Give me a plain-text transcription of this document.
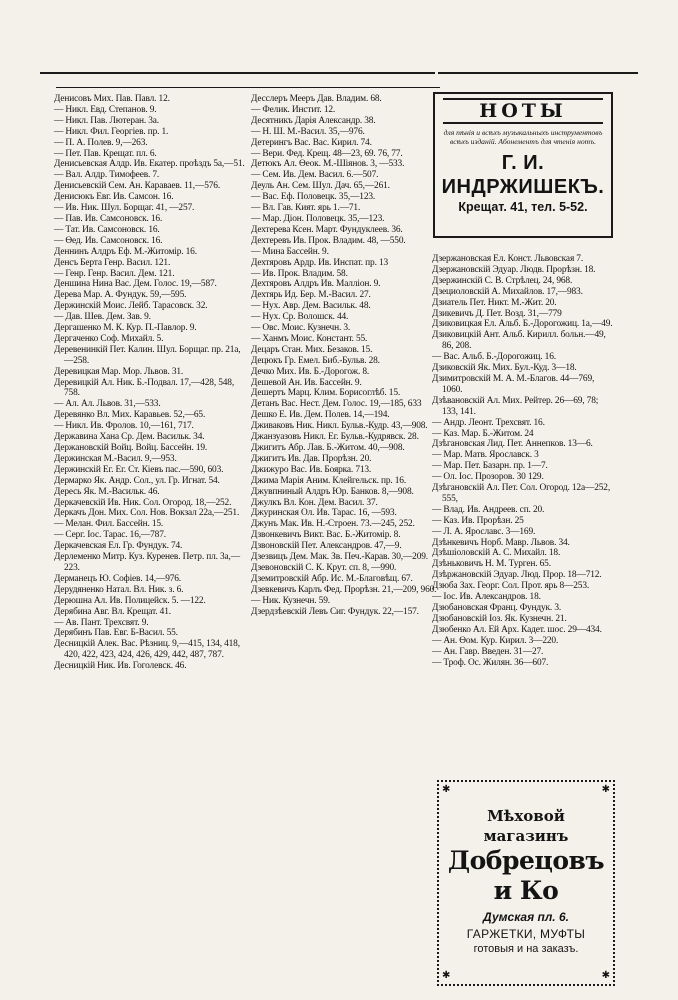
Денисовъ Мих. Пав. Павл. 12.
— Никл. Евд. Степанов. 9.
— Никл. Пав. Лютеран. 3а.
— Никл. Фил. Георгіев. пр. 1.
— П. А. Полев. 9,—263.
— Пет. Пав. Крещат. пл. 6.
Денисьевская Алдр. Ив. Екатер. проѣздъ 5а,—51.
— Вал. Алдр. Тимофеев. 7.
Денисьевскій Сем. Ан. Караваев. 11,—576.
Денисюкъ Евг. Ив. Самсон. 16.
— Ив. Ник. Шул. Борщаг. 41, —257.
— Пав. Ив. Самсоновск. 16.
— Тат. Ив. Самсоновск. 16.
— Ѳед. Ив. Самсоновск. 16.
Деннинъ Алдръ Еф. М.-Житомір. 16.
Денсъ Берта Генр. Васил. 121.
— Генр. Генр. Васил. Дем. 121.
Деншина Нина Вас. Дем. Голос. 19,—587.
Дерева Мар. А. Фундук. 59,—595.
Держинскій Моис. Лейб. Тарасовск. 32.
— Дав. Шев. Дем. Зав. 9.
Дергашенко М. К. Кур. П.-Павлор. 9.
Дергаченко Соф. Михайл. 5.
Деревенинкій Пет. Калин. Шул. Борщаг. пр. 21а,—258.
Деревицкая Мар. Мор. Львов. 31.
Деревицкій Ал. Ник. Б.-Подвал. 17,—428, 548, 758.
— Ал. Ал. Львов. 31,—533.
Деревянко Вл. Мих. Каравьев. 52,—65.
— Никл. Ив. Фролов. 10,—161, 717.
Державина Хана Ср. Дем. Васильк. 34.
Держановскій Войц. Войц. Бассейн. 19.
Держинская М.-Васил. 9,—953.
Держинскій Ег. Ег. Ст. Кіевъ пас.—590, 603.
Дермарко Як. Андр. Сол., ул. Гр. Игнат. 54.
Дересь Як. М.-Васильк. 46.
Деркачевскій Ив. Ник. Сол. Огород. 18,—252.
Деркачъ Дон. Мих. Сол. Нов. Вокзал 22а,—251.
— Мелан. Фил. Бассейн. 15.
— Серг. Іос. Тарас. 16,—787.
Деркачевская Ел. Гр. Фундук. 74.
Дерлеменко Митр. Куз. Куренев. Петр. пл. 3а,—223.
Дерманецъ Ю. Софіев. 14,—976.
Дерудяненко Натал. Вл. Ник. з. 6.
Дерюшна Ал. Ив. Полицейск. 5. —122.
Дерябина Авг. Вл. Крещат. 41.
— Ав. Пант. Трехсвят. 9.
Дерябинъ Пав. Евг. Б-Васил. 55.
Десницкій Алек. Вас. Рѣзниц. 9,—415, 134, 418, 420, 422, 423, 424, 426, 429, 442, 487, 787.
Десницкій Ник. Ив. Гоголевск. 46.
Десслеръ Мееръ Дав. Владим. 68.
— Фелик. Инстит. 12.
Десятникъ Дарія Александр. 38.
— Н. Ш. М.-Васил. 35,—976.
Детерингъ Вас. Вас. Кирил. 74.
— Вери. Фед. Крещ. 48—23, 69. 76, 77.
Детюкъ Ал. Ѳеок. М.-Шіянов. 3, —533.
— Сем. Ив. Дем. Васил. 6.—507.
Деуль Ан. Сем. Шул. Дач. 65,—261.
— Вас. Еф. Половецк. 35,—123.
— Вл. Гав. Кият. ярь 1.—71.
— Мар. Діон. Половецк. 35,—123.
Дехтерева Ксен. Март. Фундуклеев. 36.
Дехтеревъ Ив. Прок. Владим. 48, —550.
— Мина Бассейн. 9.
Дехтяровъ Ардр. Ив. Инспат. пр. 13
— Ив. Прок. Владим. 58.
Дехтяровъ Алдръ Ив. Малліон. 9.
Дехтярь Ид. Бер. М.-Васил. 27.
— Нух. Авр. Дем. Васильк. 48.
— Нух. Ср. Волошск. 44.
— Овс. Моис. Кузнечн. 3.
— Ханмъ Моис. Констант. 55.
Децаръ Стан. Мих. Безаков. 15.
Децюкъ Гр. Емел. Биб.-Бульв. 28.
Дечко Мих. Ив. Б.-Дорогож. 8.
Дешевой Ан. Ив. Бассейн. 9.
Дешертъ Марц. Клим. Борисоглѣб. 15.
Детанъ Вас. Нест. Дем. Голос. 19,—185, 633
Дешко Е. Ив. Дем. Полев. 14,—194.
Дживаковъ Ник. Никл. Бульв.-Кудр. 43,—908.
Джанзуазовъ Никл. Ег. Бульв.-Кудрявск. 28.
Джигитъ Абр. Лав. Б.-Житом. 40,—908.
Джигитъ Ив. Дав. Прорѣзн. 20.
Джижуро Вас. Ив. Боярка. 713.
Джима Марія Аним. Клейгельск. пр. 16.
Джувпниный Алдръ Юр. Банков. 8,—908.
Джулкъ Вл. Кон. Дем. Васил. 37.
Джуринская Ол. Ив. Тарас. 16, —593.
Джунъ Мак. Ив. Н.-Строен. 73.—245, 252.
Дзвонкевичъ Викт. Вас. Б.-Житомір. 8.
Дзвоновскій Пет. Александров. 47,—9.
Дзезвицъ Дем. Мак. Зв. Печ.-Карав. 30,—209.
Дзевоновскій С. К. Крут. сп. 8, —990.
Дземитровскій Абр. Ис. М.-Благовѣщ. 67.
Дзевкевичъ Карлъ Фед. Прорѣзн. 21,—209, 960.
— Ник. Кузнечн. 59.
Дзердзѣевскій Левъ Сиг. Фундук. 22,—157.
НОТЫ
для пѣнія и всѣхъ музыкальныхъ инструментовъ всѣхъ изданій. Абонементъ для чтенія нотъ.
Г. И. ИНДРЖИШЕКЪ.
Крещат. 41, тел. 5-52.
Дзержановская Ел. Конст. Львовская 7.
Дзержановскій Эдуар. Людв. Прорѣзн. 18.
Дзержинскій С. В. Стрѣлец. 24, 968.
Дзециоловскій А. Михайлов. 17,—983.
Дзиатель Пет. Никт. М.-Жит. 20.
Дзикевичъ Д. Пет. Возд. 31,—779
Дзиковицкая Ел. Альб. Б.-Дорогожиц. 1а,—49.
Дзиковицкій Ант. Альб. Кирилл. больн.—49, 86, 208.
— Вас. Альб. Б.-Дорогожиц. 16.
Дзиковскій Як. Мих. Бул.-Куд. 3—18.
Дзимитровскій М. А. М.-Благов. 44—769, 1060.
Дзѣвановскій Ал. Мих. Рейтер. 26—69, 78; 133, 141.
— Андр. Леонт. Трехсвят. 16.
— Каз. Мар. Б.-Житом. 24
Дзѣгановская Лид. Пет. Аннепков. 13—6.
— Мар. Матв. Ярославск. 3
— Мар. Пет. Базарн. пр. 1—7.
— Ол. Іос. Прозоров. 30 129.
Дзѣгановскій Ал. Пет. Сол. Огород. 12а—252, 555,
— Влад. Ив. Андреев. сп. 20.
— Каз. Ив. Прорѣзн. 25
— Л. А. Ярославс. 3—169.
Дзѣнкевичъ Норб. Мавр. Львов. 34.
Дзѣшіоловскій А. С. Михайл. 18.
Дзѣньковичъ Н. М. Турген. 65.
Дзѣржановскій Эдуар. Люд. Прор. 18—712.
Дзюба Зах. Георг. Сол. Прот. ярь 8—253.
— Іос. Ив. Александров. 18.
Дзюбановская Франц. Фундук. 3.
Дзюбановскій Іоз. Як. Кузнечн. 21.
Дзюбенко Ал. Ей Арх. Кадет. шос. 29—434.
— Ан. Ѳом. Кур. Кирил. 3—220.
— Ан. Гавр. Введен. 31—27.
— Троф. Ос. Жилян. 36—607.
✱	✱
✱	✱
Мѣховой магазинъ
Добрецовъ и Ко
Думская пл. 6.
ГАРЖЕТКИ, МУФТЫ
готовыя и на заказъ.
